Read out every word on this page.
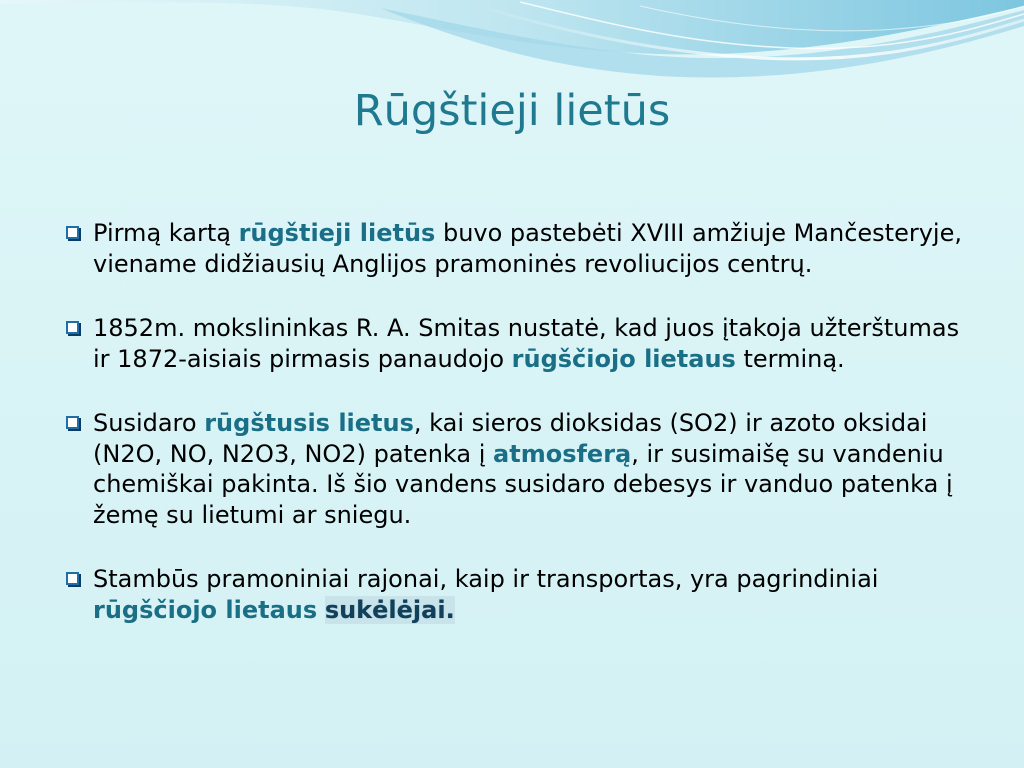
Rūgštieji lietūs

Pirmą kartą rūgštieji lietūs buvo pastebėti XVIII amžiuje Mančesteryje, viename didžiausių Anglijos pramoninės revoliucijos centrų.

1852m. mokslininkas R. A. Smitas nustatė, kad juos įtakoja užterštumas ir 1872-aisiais pirmasis panaudojo rūgščiojo lietaus terminą.

Susidaro rūgštusis lietus, kai sieros dioksidas (SO2) ir azoto oksidai (N2O, NO, N2O3, NO2) patenka į atmosferą, ir susimaišę su vandeniu chemiškai pakinta. Iš šio vandens susidaro debesys ir vanduo patenka į žemę su lietumi ar sniegu.

Stambūs pramoniniai rajonai, kaip ir transportas, yra pagrindiniai rūgščiojo lietaus sukėlėjai.
